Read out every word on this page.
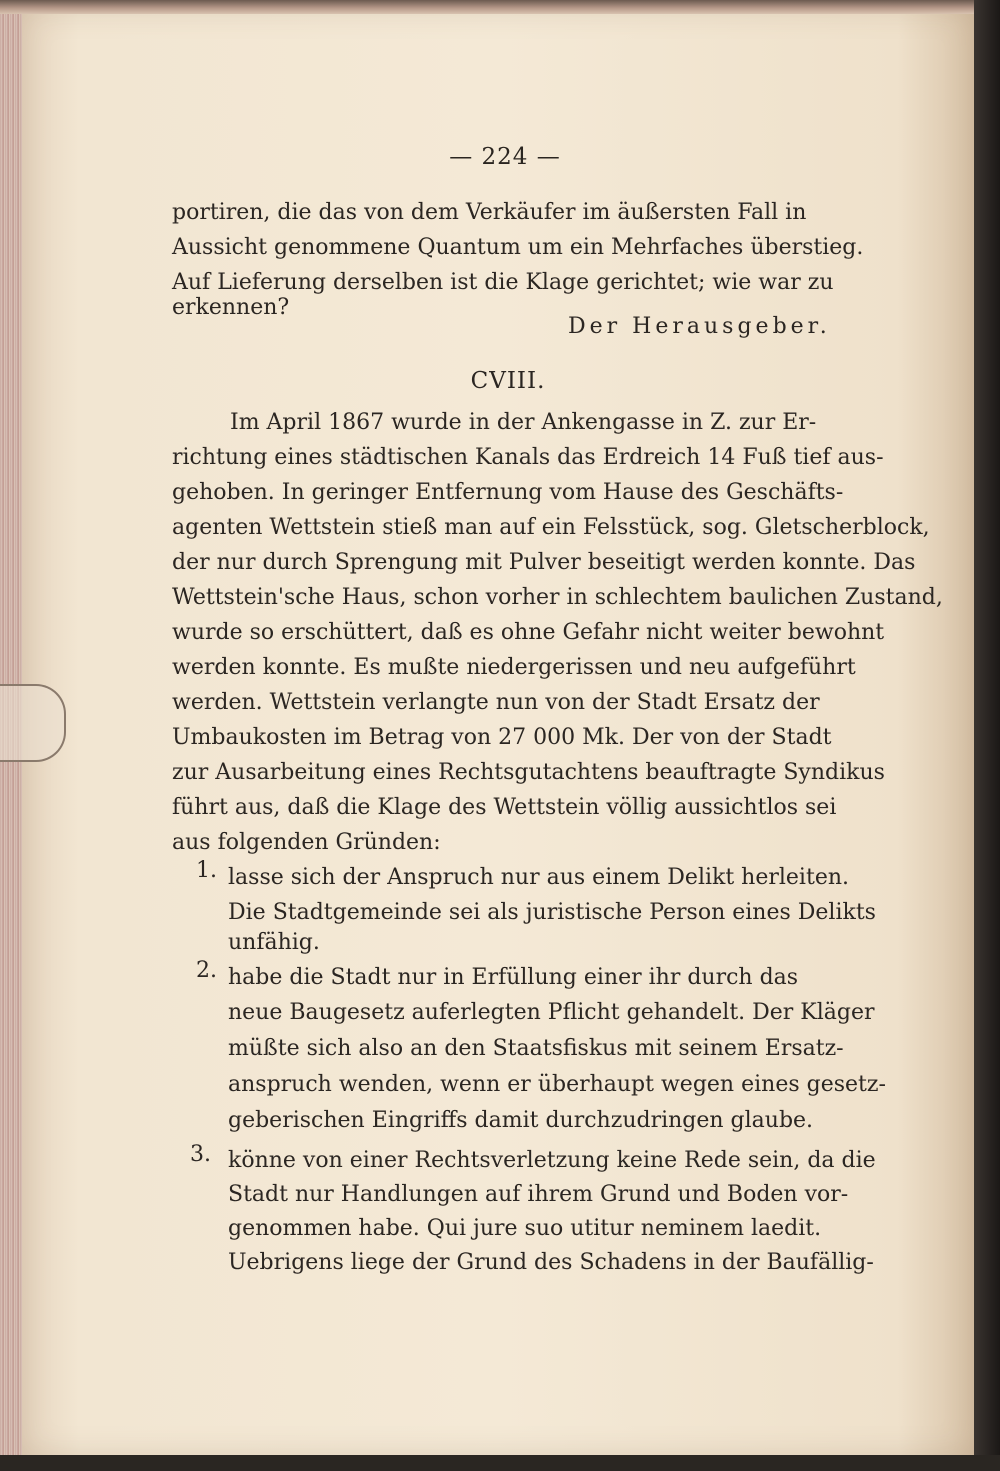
— 224 —
portiren, die das von dem Verkäufer im äußersten Fall in
Aussicht genommene Quantum um ein Mehrfaches überstieg.
Auf Lieferung derselben ist die Klage gerichtet; wie war zu
erkennen?
Der Herausgeber.
CVIII.
Im April 1867 wurde in der Ankengasse in Z. zur Er-
richtung eines städtischen Kanals das Erdreich 14 Fuß tief aus-
gehoben. In geringer Entfernung vom Hause des Geschäfts-
agenten Wettstein stieß man auf ein Felsstück, sog. Gletscherblock,
der nur durch Sprengung mit Pulver beseitigt werden konnte. Das
Wettstein'sche Haus, schon vorher in schlechtem baulichen Zustand,
wurde so erschüttert, daß es ohne Gefahr nicht weiter bewohnt
werden konnte. Es mußte niedergerissen und neu aufgeführt
werden. Wettstein verlangte nun von der Stadt Ersatz der
Umbaukosten im Betrag von 27 000 Mk. Der von der Stadt
zur Ausarbeitung eines Rechtsgutachtens beauftragte Syndikus
führt aus, daß die Klage des Wettstein völlig aussichtlos sei
aus folgenden Gründen:
1. lasse sich der Anspruch nur aus einem Delikt herleiten.
Die Stadtgemeinde sei als juristische Person eines Delikts
unfähig.
2. habe die Stadt nur in Erfüllung einer ihr durch das
neue Baugesetz auferlegten Pflicht gehandelt. Der Kläger
müßte sich also an den Staatsfiskus mit seinem Ersatz-
anspruch wenden, wenn er überhaupt wegen eines gesetz-
geberischen Eingriffs damit durchzudringen glaube.
3. könne von einer Rechtsverletzung keine Rede sein, da die
Stadt nur Handlungen auf ihrem Grund und Boden vor-
genommen habe. Qui jure suo utitur neminem laedit.
Uebrigens liege der Grund des Schadens in der Baufällig-
